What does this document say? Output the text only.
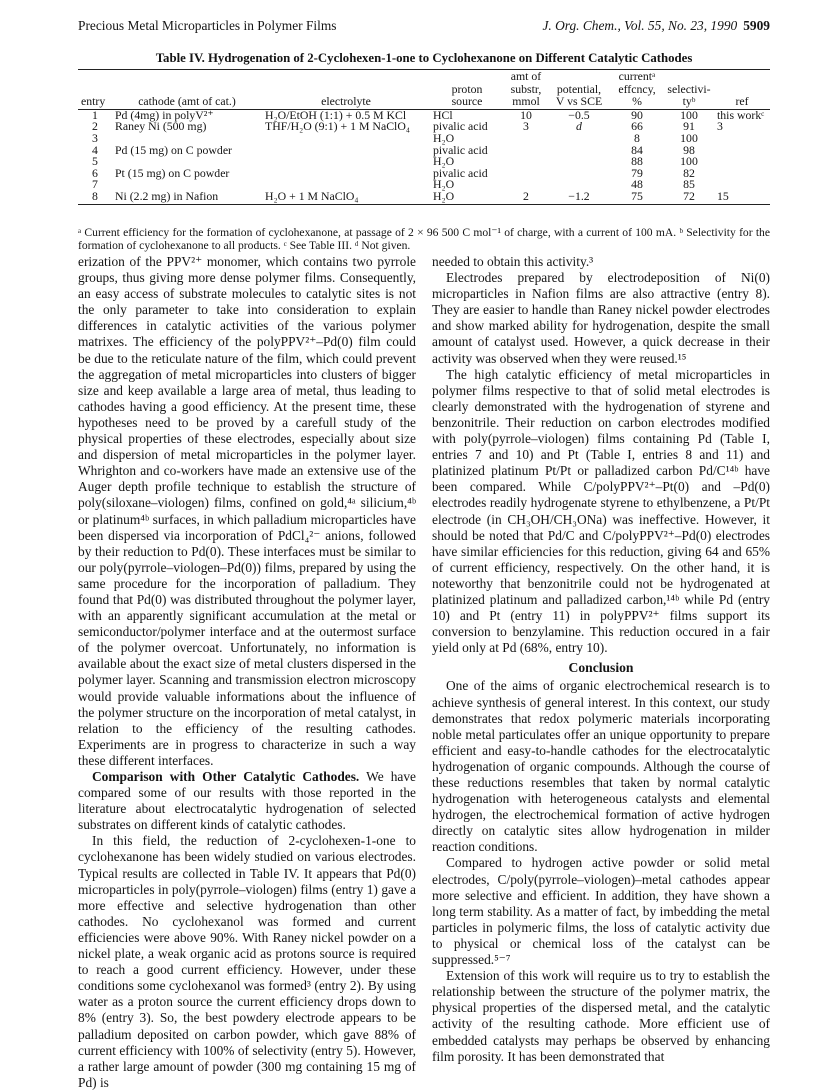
Precious Metal Microparticles in Polymer Films	J. Org. Chem., Vol. 55, No. 23, 1990 5909
Table IV. Hydrogenation of 2-Cyclohexen-1-one to Cyclohexanone on Different Catalytic Cathodes
				amt of		currentᵃ		
			proton	substr,	potential,	effcncy,	selectivi-	
entry	cathode (amt of cat.)	electrolyte	source	mmol	V vs SCE	%	tyᵇ	ref
1	Pd (4mg) in polyV²⁺	H₂O/EtOH (1:1) + 0.5 M KCl	HCl	10	−0.5	90	100	this workᶜ
2	Raney Ni (500 mg)	THF/H₂O (9:1) + 1 M NaClO₄	pivalic acid	3	d	66	91	3
3			H₂O			8	100	
4	Pd (15 mg) on C powder		pivalic acid			84	98	
5			H₂O			88	100	
6	Pt (15 mg) on C powder		pivalic acid			79	82	
7			H₂O			48	85	
8	Ni (2.2 mg) in Nafion	H₂O + 1 M NaClO₄	H₂O	2	−1.2	75	72	15
ᵃ Current efficiency for the formation of cyclohexanone, at passage of 2 × 96 500 C mol⁻¹ of charge, with a current of 100 mA. ᵇ Selectivity for the formation of cyclohexanone to all products. ᶜ See Table III. ᵈ Not given.

erization of the PPV²⁺ monomer, which contains two pyrrole groups, thus giving more dense polymer films. Consequently, an easy access of substrate molecules to catalytic sites is not the only parameter to take into consideration to explain differences in catalytic activities of the various polymer matrixes. The efficiency of the polyPPV²⁺–Pd(0) film could be due to the reticulate nature of the film, which could prevent the aggregation of metal microparticles into clusters of bigger size and keep available a large area of metal, thus leading to cathodes having a good efficiency. At the present time, these hypotheses need to be proved by a carefull study of the physical properties of these electrodes, especially about size and dispersion of metal microparticles in the polymer layer. Whrighton and co-workers have made an extensive use of the Auger depth profile technique to establish the structure of poly(siloxane–viologen) films, confined on gold,⁴ᵃ silicium,⁴ᵇ or platinum⁴ᵇ surfaces, in which palladium microparticles have been dispersed via incorporation of PdCl₄²⁻ anions, followed by their reduction to Pd(0). These interfaces must be similar to our poly(pyrrole–viologen–Pd(0)) films, prepared by using the same procedure for the incorporation of palladium. They found that Pd(0) was distributed throughout the polymer layer, with an apparently significant accumulation at the metal or semiconductor/polymer interface and at the outermost surface of the polymer overcoat. Unfortunately, no information is available about the exact size of metal clusters dispersed in the polymer layer. Scanning and transmission electron microscopy would provide valuable informations about the influence of the polymer structure on the incorporation of metal catalyst, in relation to the efficiency of the resulting cathodes. Experiments are in progress to characterize in such a way these different interfaces.

Comparison with Other Catalytic Cathodes. We have compared some of our results with those reported in the literature about electrocatalytic hydrogenation of selected substrates on different kinds of catalytic cathodes.

In this field, the reduction of 2-cyclohexen-1-one to cyclohexanone has been widely studied on various electrodes. Typical results are collected in Table IV. It appears that Pd(0) microparticles in poly(pyrrole–viologen) films (entry 1) gave a more effective and selective hydrogenation than other cathodes. No cyclohexanol was formed and current efficiencies were above 90%. With Raney nickel powder on a nickel plate, a weak organic acid as protons source is required to reach a good current efficiency. However, under these conditions some cyclohexanol was formed³ (entry 2). By using water as a proton source the current efficiency drops down to 8% (entry 3). So, the best powdery electrode appears to be palladium deposited on carbon powder, which gave 88% of current efficiency with 100% of selectivity (entry 5). However, a rather large amount of powder (300 mg containing 15 mg of Pd) is

needed to obtain this activity.³

Electrodes prepared by electrodeposition of Ni(0) microparticles in Nafion films are also attractive (entry 8). They are easier to handle than Raney nickel powder electrodes and show marked ability for hydrogenation, despite the small amount of catalyst used. However, a quick decrease in their activity was observed when they were reused.¹⁵

The high catalytic efficiency of metal microparticles in polymer films respective to that of solid metal electrodes is clearly demonstrated with the hydrogenation of styrene and benzonitrile. Their reduction on carbon electrodes modified with poly(pyrrole–viologen) films containing Pd (Table I, entries 7 and 10) and Pt (Table I, entries 8 and 11) and platinized platinum Pt/Pt or palladized carbon Pd/C¹⁴ᵇ have been compared. While C/polyPPV²⁺–Pt(0) and –Pd(0) electrodes readily hydrogenate styrene to ethylbenzene, a Pt/Pt electrode (in CH₃OH/CH₃ONa) was ineffective. However, it should be noted that Pd/C and C/polyPPV²⁺–Pd(0) electrodes have similar efficiencies for this reduction, giving 64 and 65% of current efficiency, respectively. On the other hand, it is noteworthy that benzonitrile could not be hydrogenated at platinized platinum and palladized carbon,¹⁴ᵇ while Pd (entry 10) and Pt (entry 11) in polyPPV²⁺ films support its conversion to benzylamine. This reduction occured in a fair yield only at Pd (68%, entry 10).

Conclusion

One of the aims of organic electrochemical research is to achieve synthesis of general interest. In this context, our study demonstrates that redox polymeric materials incorporating noble metal particulates offer an unique opportunity to prepare efficient and easy-to-handle cathodes for the electrocatalytic hydrogenation of organic compounds. Although the course of these reductions resembles that taken by normal catalytic hydrogenation with heterogeneous catalysts and elemental hydrogen, the electrochemical formation of active hydrogen directly on catalytic sites allow hydrogenation in milder reaction conditions.

Compared to hydrogen active powder or solid metal electrodes, C/poly(pyrrole–viologen)–metal cathodes appear more selective and efficient. In addition, they have shown a long term stability. As a matter of fact, by imbedding the metal particles in polymeric films, the loss of catalytic activity due to physical or chemical loss of the catalyst can be suppressed.⁵⁻⁷

Extension of this work will require us to try to establish the relationship between the structure of the polymer matrix, the physical properties of the dispersed metal, and the catalytic activity of the resulting cathode. More efficient use of embedded catalysts may perhaps be observed by enhancing film porosity. It has been demonstrated that
